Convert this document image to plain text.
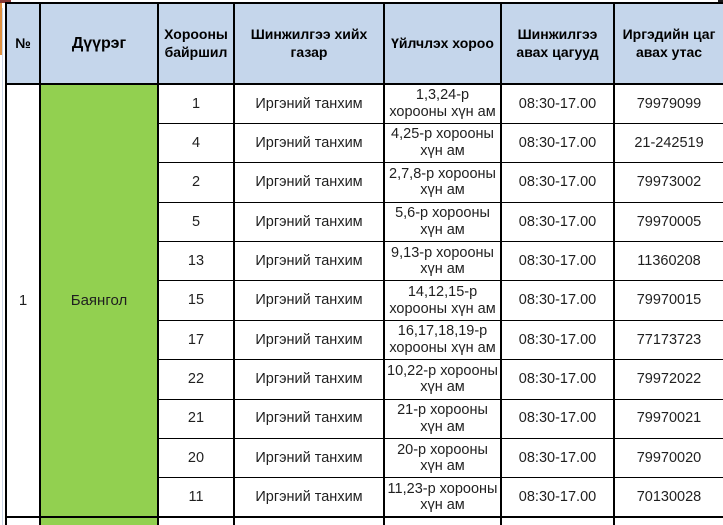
№	Дүүрэг	Хорооны байршил	Шинжилгээ хийх газар	Үйлчлэх хороо	Шинжилгээ авах цагууд	Иргэдийн цаг авах утас
1	Баянгол	1	Иргэний танхим	1,3,24-р хорооны хүн ам	08:30-17.00	79979099
		4	Иргэний танхим	4,25-р хорооны хүн ам	08:30-17.00	21-242519
		2	Иргэний танхим	2,7,8-р хорооны хүн ам	08:30-17.00	79973002
		5	Иргэний танхим	5,6-р хорооны хүн ам	08:30-17.00	79970005
		13	Иргэний танхим	9,13-р хорооны хүн ам	08:30-17.00	11360208
		15	Иргэний танхим	14,12,15-р хорооны хүн ам	08:30-17.00	79970015
		17	Иргэний танхим	16,17,18,19-р хорооны хүн ам	08:30-17.00	77173723
		22	Иргэний танхим	10,22-р хорооны хүн ам	08:30-17.00	79972022
		21	Иргэний танхим	21-р хорооны хүн ам	08:30-17.00	79970021
		20	Иргэний танхим	20-р хорооны хүн ам	08:30-17.00	79970020
		11	Иргэний танхим	11,23-р хорооны хүн ам	08:30-17.00	70130028
